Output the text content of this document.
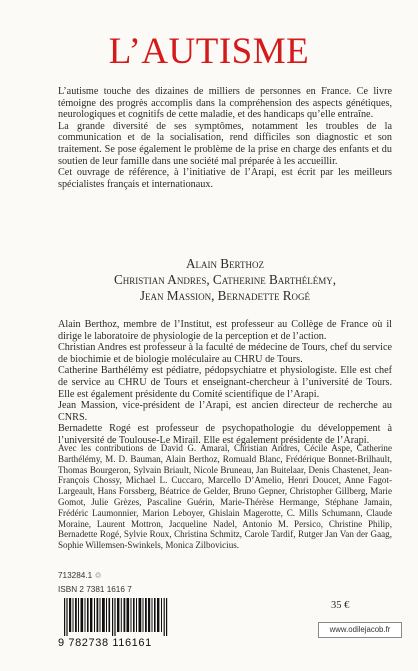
L’AUTISME

L’autisme touche des dizaines de milliers de personnes en France. Ce livre témoigne des progrès accomplis dans la compréhension des aspects génétiques, neurologiques et cognitifs de cette maladie, et des handicaps qu’elle entraîne.

La grande diversité de ses symptômes, notamment les troubles de la communication et de la socialisation, rend difficiles son diagnostic et son traitement. Se pose également le problème de la prise en charge des enfants et du soutien de leur famille dans une société mal préparée à les accueillir.

Cet ouvrage de référence, à l’initiative de l’Arapi, est écrit par les meilleurs spécialistes français et internationaux.

Alain Berthoz
Christian Andres, Catherine Barthélémy,
Jean Massion, Bernadette Rogé

Alain Berthoz, membre de l’Institut, est professeur au Collège de France où il dirige le laboratoire de physiologie de la perception et de l’action.

Christian Andres est professeur à la faculté de médecine de Tours, chef du service de biochimie et de biologie moléculaire au CHRU de Tours.

Catherine Barthélémy est pédiatre, pédopsychiatre et physiologiste. Elle est chef de service au CHRU de Tours et enseignant-chercheur à l’université de Tours. Elle est également présidente du Comité scientifique de l’Arapi.

Jean Massion, vice-président de l’Arapi, est ancien directeur de recherche au CNRS.

Bernadette Rogé est professeur de psychopathologie du développement à l’université de Toulouse-Le Mirail. Elle est également présidente de l’Arapi.

Avec les contributions de David G. Amaral, Christian Andres, Cécile Aspe, Catherine Barthélémy, M. D. Bauman, Alain Berthoz, Romuald Blanc, Frédérique Bonnet-Brilhault, Thomas Bourgeron, Sylvain Briault, Nicole Bruneau, Jan Buitelaar, Denis Chastenet, Jean-François Chossy, Michael L. Cuccaro, Marcello D’Amelio, Henri Doucet, Anne Fagot-Largeault, Hans Forssberg, Béatrice de Gelder, Bruno Gepner, Christopher Gillberg, Marie Gomot, Julie Grèzes, Pascaline Guérin, Marie-Thérèse Hermange, Stéphane Jamain, Frédéric Laumonnier, Marion Leboyer, Ghislain Magerotte, C. Mills Schumann, Claude Moraine, Laurent Mottron, Jacqueline Nadel, Antonio M. Persico, Christine Philip, Bernadette Rogé, Sylvie Roux, Christina Schmitz, Carole Tardif, Rutger Jan Van der Gaag, Sophie Willemsen-Swinkels, Monica Zilbovicius.

713284.1 ♲
ISBN 2 7381 1616 7
9 782738 116161
35 €
www.odilejacob.fr
